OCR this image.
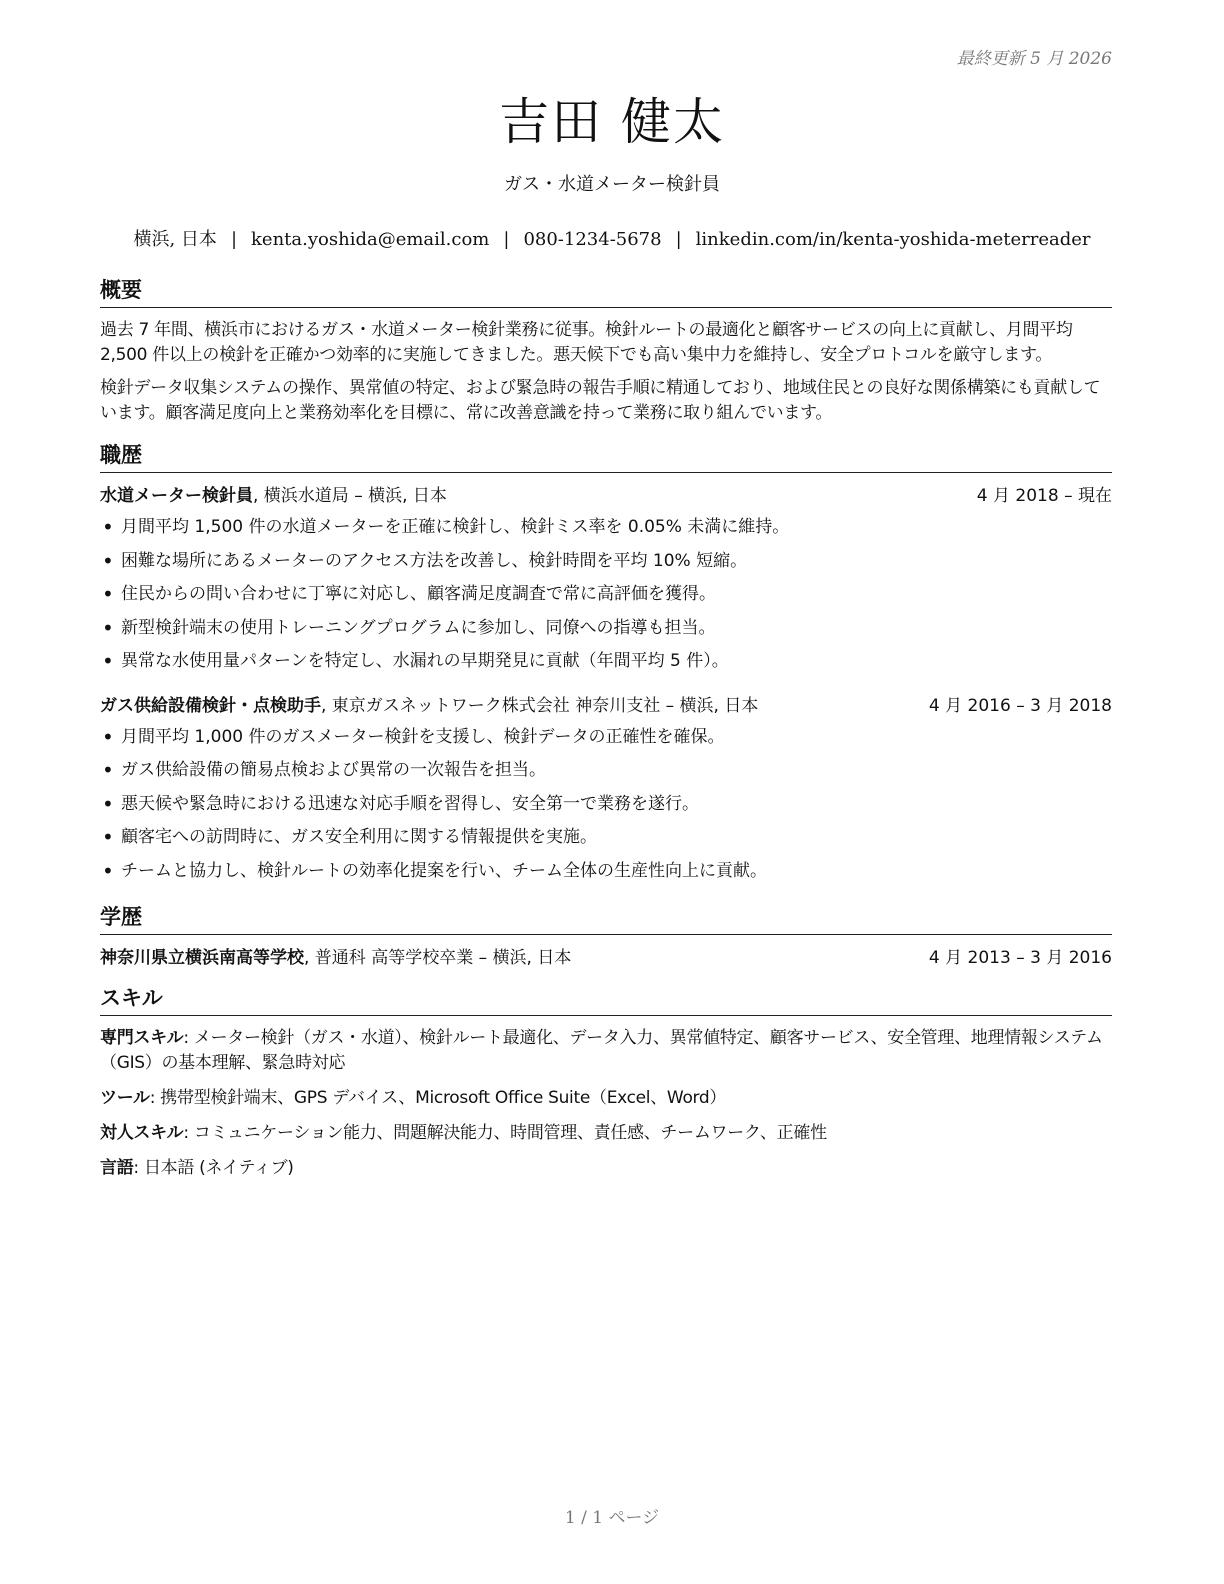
最終更新 5 月 2026
吉田 健太
ガス・水道メーター検針員
横浜, 日本 | kenta.yoshida@email.com | 080-1234-5678 | linkedin.com/in/kenta-yoshida-meterreader
概要

過去 7 年間、横浜市におけるガス・水道メーター検針業務に従事。検針ルートの最適化と顧客サービスの向上に貢献し、月間平均 2,500 件以上の検針を正確かつ効率的に実施してきました。悪天候下でも高い集中力を維持し、安全プロトコルを厳守します。

検針データ収集システムの操作、異常値の特定、および緊急時の報告手順に精通しており、地域住民との良好な関係構築にも貢献しています。顧客満足度向上と業務効率化を目標に、常に改善意識を持って業務に取り組んでいます。

職歴
水道メーター検針員, 横浜水道局 – 横浜, 日本	4 月 2018 – 現在
• 月間平均 1,500 件の水道メーターを正確に検針し、検針ミス率を 0.05% 未満に維持。
• 困難な場所にあるメーターのアクセス方法を改善し、検針時間を平均 10% 短縮。
• 住民からの問い合わせに丁寧に対応し、顧客満足度調査で常に高評価を獲得。
• 新型検針端末の使用トレーニングプログラムに参加し、同僚への指導も担当。
• 異常な水使用量パターンを特定し、水漏れの早期発見に貢献（年間平均 5 件）。
ガス供給設備検針・点検助手, 東京ガスネットワーク株式会社 神奈川支社 – 横浜, 日本	4 月 2016 – 3 月 2018
• 月間平均 1,000 件のガスメーター検針を支援し、検針データの正確性を確保。
• ガス供給設備の簡易点検および異常の一次報告を担当。
• 悪天候や緊急時における迅速な対応手順を習得し、安全第一で業務を遂行。
• 顧客宅への訪問時に、ガス安全利用に関する情報提供を実施。
• チームと協力し、検針ルートの効率化提案を行い、チーム全体の生産性向上に貢献。
学歴
神奈川県立横浜南高等学校, 普通科 高等学校卒業 – 横浜, 日本	4 月 2013 – 3 月 2016
スキル
専門スキル: メーター検針（ガス・水道）、検針ルート最適化、データ入力、異常値特定、顧客サービス、安全管理、地理情報システム（GIS）の基本理解、緊急時対応
ツール: 携帯型検針端末、GPS デバイス、Microsoft Office Suite（Excel、Word）
対人スキル: コミュニケーション能力、問題解決能力、時間管理、責任感、チームワーク、正確性
言語: 日本語 (ネイティブ)
1 / 1 ページ
